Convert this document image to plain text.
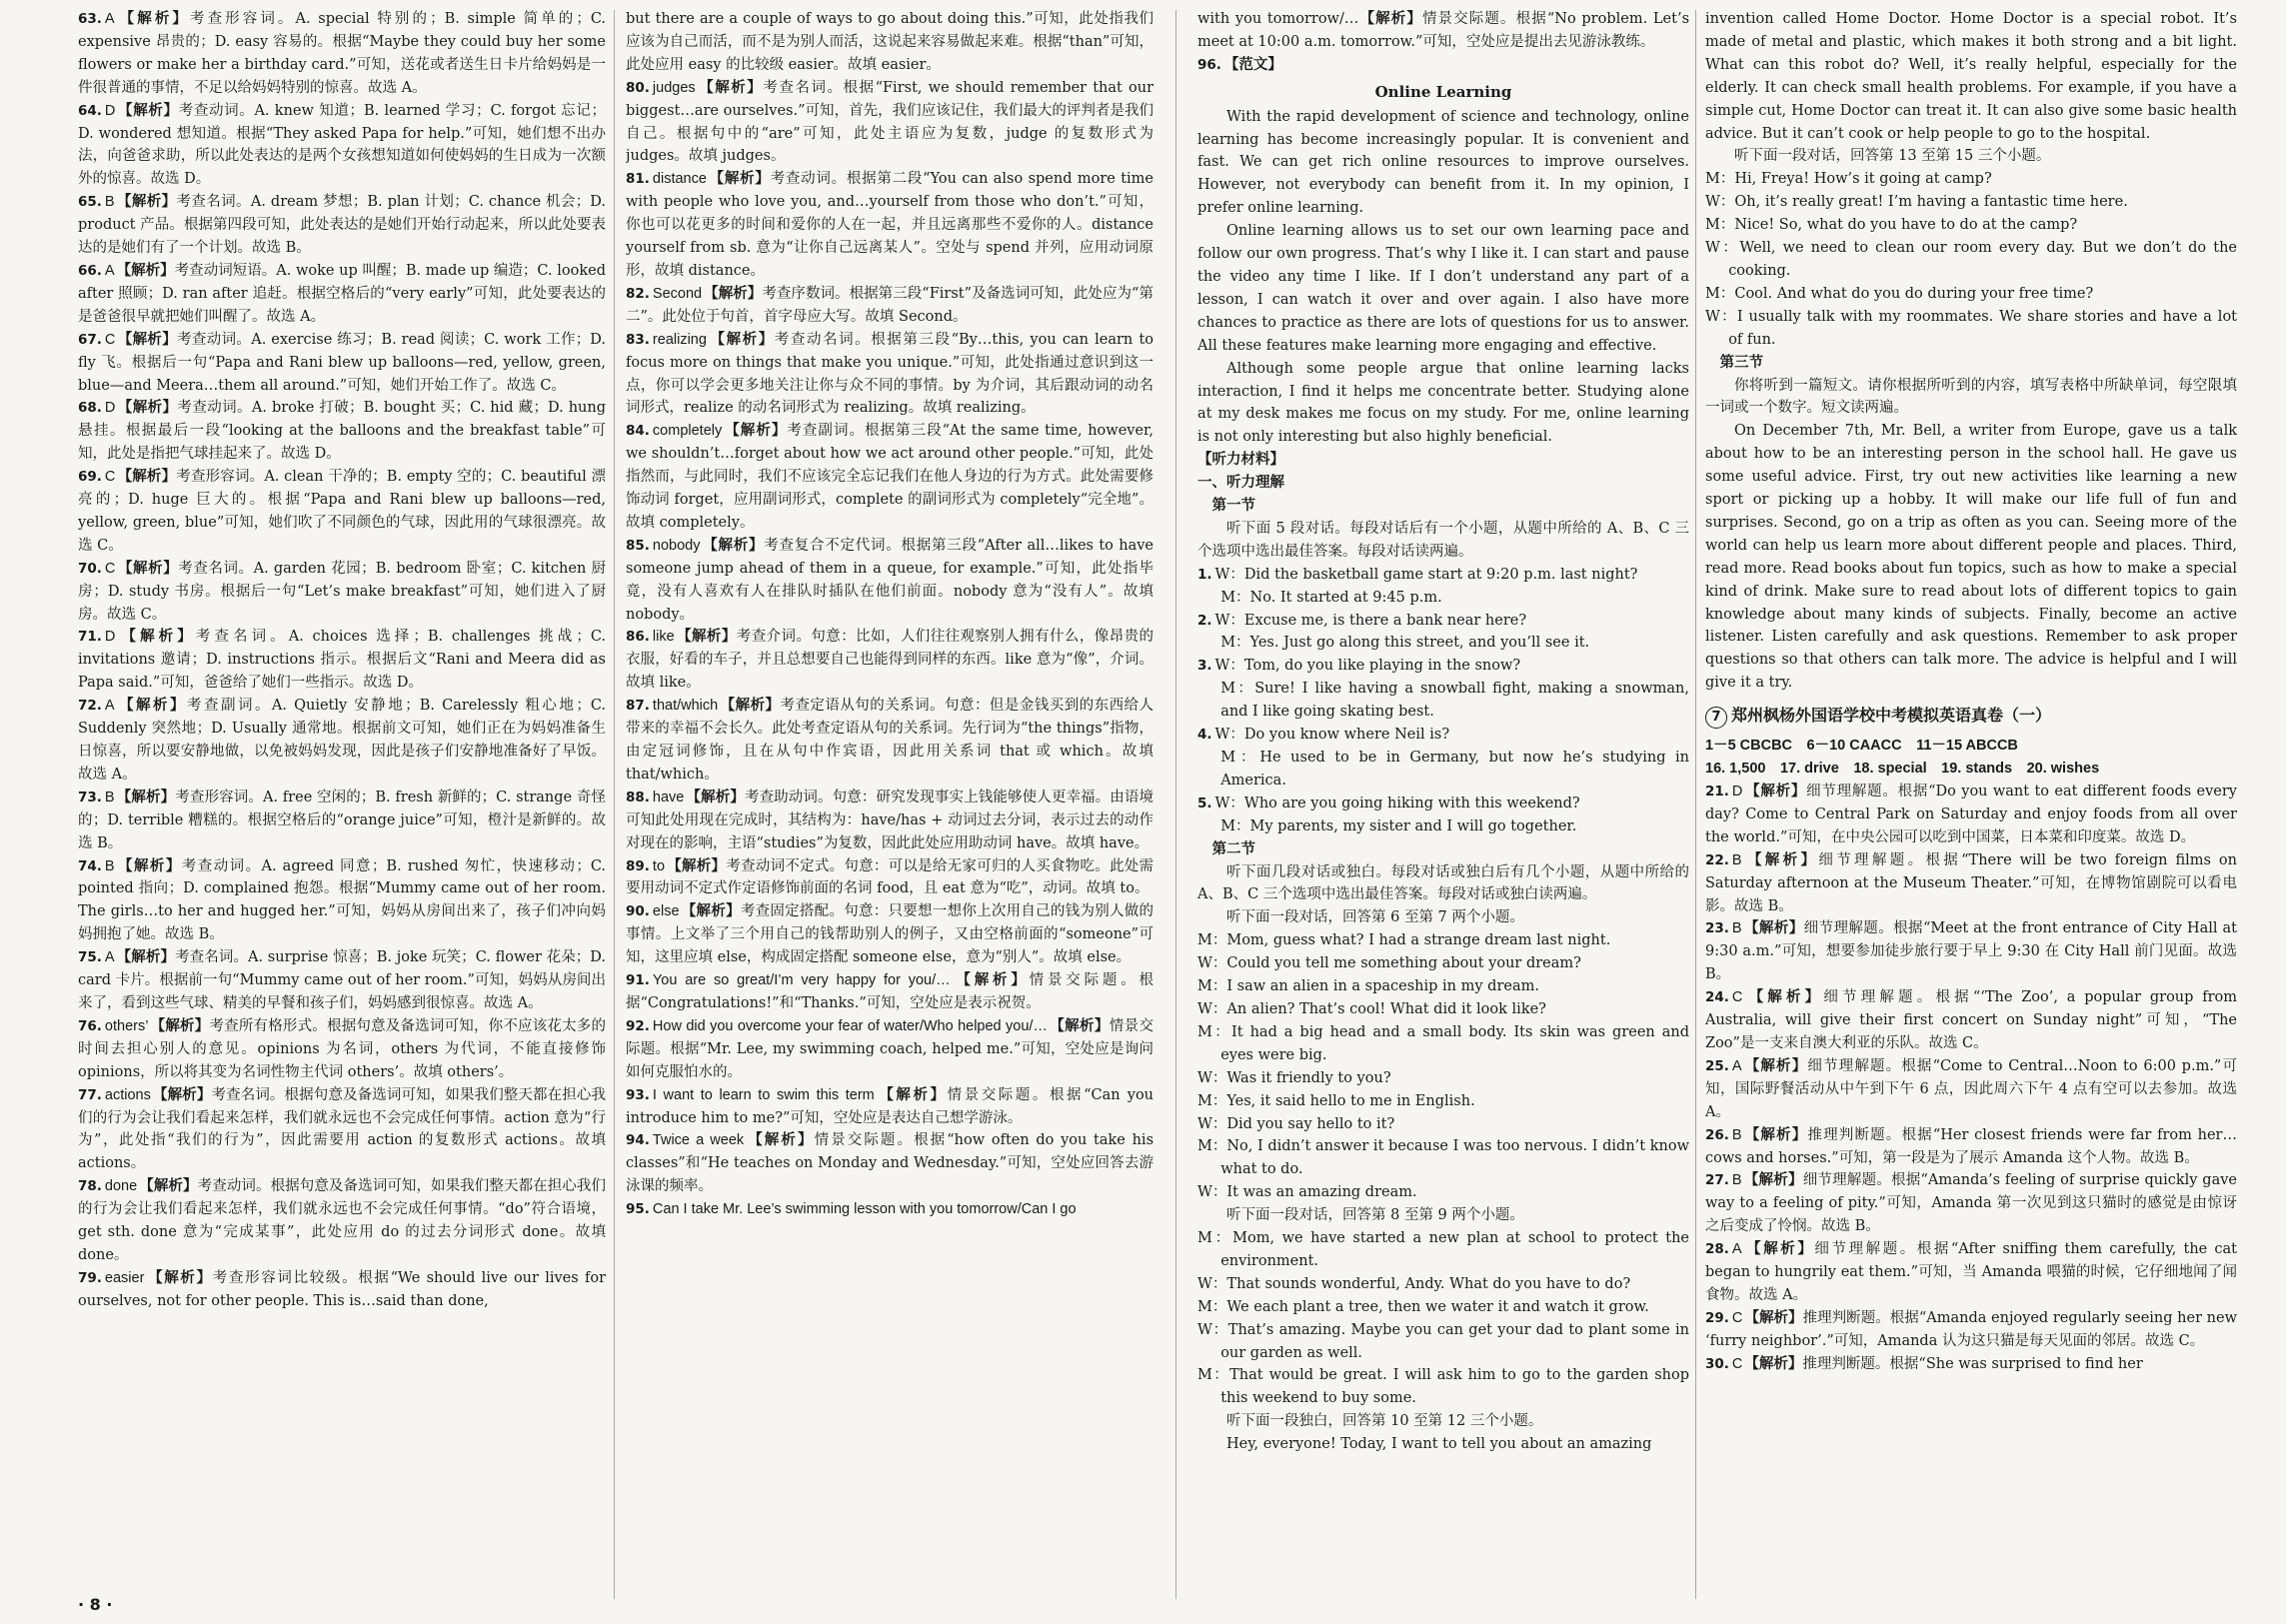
63. A 【解析】考查形容词。A. special 特别的；B. simple 简单的；C. expensive 昂贵的；D. easy 容易的。根据“Maybe they could buy her some flowers or make her a birthday card.”可知，送花或者送生日卡片给妈妈是一件很普通的事情，不足以给妈妈特别的惊喜。故选 A。

64. D 【解析】考查动词。A. knew 知道；B. learned 学习；C. forgot 忘记；D. wondered 想知道。根据“They asked Papa for help.”可知，她们想不出办法，向爸爸求助，所以此处表达的是两个女孩想知道如何使妈妈的生日成为一次额外的惊喜。故选 D。

65. B 【解析】考查名词。A. dream 梦想；B. plan 计划；C. chance 机会；D. product 产品。根据第四段可知，此处表达的是她们开始行动起来，所以此处要表达的是她们有了一个计划。故选 B。

66. A 【解析】考查动词短语。A. woke up 叫醒；B. made up 编造；C. looked after 照顾；D. ran after 追赶。根据空格后的“very early”可知，此处要表达的是爸爸很早就把她们叫醒了。故选 A。

67. C 【解析】考查动词。A. exercise 练习；B. read 阅读；C. work 工作；D. fly 飞。根据后一句“Papa and Rani blew up balloons—red, yellow, green, blue—and Meera…them all around.”可知，她们开始工作了。故选 C。

68. D 【解析】考查动词。A. broke 打破；B. bought 买；C. hid 藏；D. hung 悬挂。根据最后一段“looking at the balloons and the breakfast table”可知，此处是指把气球挂起来了。故选 D。

69. C 【解析】考查形容词。A. clean 干净的；B. empty 空的；C. beautiful 漂亮的；D. huge 巨大的。根据“Papa and Rani blew up balloons—red, yellow, green, blue”可知，她们吹了不同颜色的气球，因此用的气球很漂亮。故选 C。

70. C 【解析】考查名词。A. garden 花园；B. bedroom 卧室；C. kitchen 厨房；D. study 书房。根据后一句“Let’s make breakfast”可知，她们进入了厨房。故选 C。

71. D 【解析】考查名词。A. choices 选择；B. challenges 挑战；C. invitations 邀请；D. instructions 指示。根据后文“Rani and Meera did as Papa said.”可知，爸爸给了她们一些指示。故选 D。

72. A 【解析】考查副词。A. Quietly 安静地；B. Carelessly 粗心地；C. Suddenly 突然地；D. Usually 通常地。根据前文可知，她们正在为妈妈准备生日惊喜，所以要安静地做，以免被妈妈发现，因此是孩子们安静地准备好了早饭。故选 A。

73. B 【解析】考查形容词。A. free 空闲的；B. fresh 新鲜的；C. strange 奇怪的；D. terrible 糟糕的。根据空格后的“orange juice”可知，橙汁是新鲜的。故选 B。

74. B 【解析】考查动词。A. agreed 同意；B. rushed 匆忙，快速移动；C. pointed 指向；D. complained 抱怨。根据“Mummy came out of her room. The girls…to her and hugged her.”可知，妈妈从房间出来了，孩子们冲向妈妈拥抱了她。故选 B。

75. A 【解析】考查名词。A. surprise 惊喜；B. joke 玩笑；C. flower 花朵；D. card 卡片。根据前一句“Mummy came out of her room.”可知，妈妈从房间出来了，看到这些气球、精美的早餐和孩子们，妈妈感到很惊喜。故选 A。

76. others’ 【解析】考查所有格形式。根据句意及备选词可知，你不应该花太多的时间去担心别人的意见。opinions 为名词，others 为代词，不能直接修饰 opinions，所以将其变为名词性物主代词 others’。故填 others’。

77. actions 【解析】考查名词。根据句意及备选词可知，如果我们整天都在担心我们的行为会让我们看起来怎样，我们就永远也不会完成任何事情。action 意为“行为”，此处指“我们的行为”，因此需要用 action 的复数形式 actions。故填 actions。

78. done 【解析】考查动词。根据句意及备选词可知，如果我们整天都在担心我们的行为会让我们看起来怎样，我们就永远也不会完成任何事情。“do”符合语境，get sth. done 意为“完成某事”，此处应用 do 的过去分词形式 done。故填 done。

79. easier 【解析】考查形容词比较级。根据“We should live our lives for ourselves, not for other people. This is…said than done,

but there are a couple of ways to go about doing this.”可知，此处指我们应该为自己而活，而不是为别人而活，这说起来容易做起来难。根据“than”可知，此处应用 easy 的比较级 easier。故填 easier。

80. judges 【解析】考查名词。根据“First, we should remember that our biggest…are ourselves.”可知，首先，我们应该记住，我们最大的评判者是我们自己。根据句中的“are”可知，此处主语应为复数，judge 的复数形式为 judges。故填 judges。

81. distance 【解析】考查动词。根据第二段“You can also spend more time with people who love you, and…yourself from those who don’t.”可知，你也可以花更多的时间和爱你的人在一起，并且远离那些不爱你的人。distance yourself from sb. 意为“让你自己远离某人”。空处与 spend 并列，应用动词原形，故填 distance。

82. Second 【解析】考查序数词。根据第三段“First”及备选词可知，此处应为“第二”。此处位于句首，首字母应大写。故填 Second。

83. realizing 【解析】考查动名词。根据第三段“By…this, you can learn to focus more on things that make you unique.”可知，此处指通过意识到这一点，你可以学会更多地关注让你与众不同的事情。by 为介词，其后跟动词的动名词形式，realize 的动名词形式为 realizing。故填 realizing。

84. completely 【解析】考查副词。根据第三段“At the same time, however, we shouldn’t…forget about how we act around other people.”可知，此处指然而，与此同时，我们不应该完全忘记我们在他人身边的行为方式。此处需要修饰动词 forget，应用副词形式，complete 的副词形式为 completely“完全地”。故填 completely。

85. nobody 【解析】考查复合不定代词。根据第三段“After all…likes to have someone jump ahead of them in a queue, for example.”可知，此处指毕竟，没有人喜欢有人在排队时插队在他们前面。nobody 意为“没有人”。故填 nobody。

86. like 【解析】考查介词。句意：比如，人们往往观察别人拥有什么，像昂贵的衣服，好看的车子，并且总想要自己也能得到同样的东西。like 意为“像”，介词。故填 like。

87. that/which 【解析】考查定语从句的关系词。句意：但是金钱买到的东西给人带来的幸福不会长久。此处考查定语从句的关系词。先行词为“the things”指物，由定冠词修饰，且在从句中作宾语，因此用关系词 that 或 which。故填 that/which。

88. have 【解析】考查助动词。句意：研究发现事实上钱能够使人更幸福。由语境可知此处用现在完成时，其结构为：have/has + 动词过去分词，表示过去的动作对现在的影响，主语“studies”为复数，因此此处应用助动词 have。故填 have。

89. to 【解析】考查动词不定式。句意：可以是给无家可归的人买食物吃。此处需要用动词不定式作定语修饰前面的名词 food，且 eat 意为“吃”，动词。故填 to。

90. else 【解析】考查固定搭配。句意：只要想一想你上次用自己的钱为别人做的事情。上文举了三个用自己的钱帮助别人的例子，又由空格前面的“someone”可知，这里应填 else，构成固定搭配 someone else，意为“别人”。故填 else。

91. You are so great/I’m very happy for you/… 【解析】情景交际题。根据“Congratulations!”和“Thanks.”可知，空处应是表示祝贺。

92. How did you overcome your fear of water/Who helped you/… 【解析】情景交际题。根据“Mr. Lee, my swimming coach, helped me.”可知，空处应是询问如何克服怕水的。

93. I want to learn to swim this term 【解析】情景交际题。根据“Can you introduce him to me?”可知，空处应是表达自己想学游泳。

94. Twice a week 【解析】情景交际题。根据“how often do you take his classes”和“He teaches on Monday and Wednesday.”可知，空处应回答去游泳课的频率。

95. Can I take Mr. Lee’s swimming lesson with you tomorrow/Can I go

with you tomorrow/…【解析】情景交际题。根据“No problem. Let’s meet at 10:00 a.m. tomorrow.”可知，空处应是提出去见游泳教练。

96. 【范文】

Online Learning

With the rapid development of science and technology, online learning has become increasingly popular. It is convenient and fast. We can get rich online resources to improve ourselves. However, not everybody can benefit from it. In my opinion, I prefer online learning.

Online learning allows us to set our own learning pace and follow our own progress. That’s why I like it. I can start and pause the video any time I like. If I don’t understand any part of a lesson, I can watch it over and over again. I also have more chances to practice as there are lots of questions for us to answer. All these features make learning more engaging and effective.

Although some people argue that online learning lacks interaction, I find it helps me concentrate better. Studying alone at my desk makes me focus on my study. For me, online learning is not only interesting but also highly beneficial.

【听力材料】

一、听力理解

第一节

听下面 5 段对话。每段对话后有一个小题，从题中所给的 A、B、C 三个选项中选出最佳答案。每段对话读两遍。

1. W：Did the basketball game start at 9:20 p.m. last night?

M：No. It started at 9:45 p.m.

2. W：Excuse me, is there a bank near here?

M：Yes. Just go along this street, and you’ll see it.

3. W：Tom, do you like playing in the snow?

M：Sure! I like having a snowball fight, making a snowman, and I like going skating best.

4. W：Do you know where Neil is?

M：He used to be in Germany, but now he’s studying in America.

5. W：Who are you going hiking with this weekend?

M：My parents, my sister and I will go together.

第二节

听下面几段对话或独白。每段对话或独白后有几个小题，从题中所给的 A、B、C 三个选项中选出最佳答案。每段对话或独白读两遍。

听下面一段对话，回答第 6 至第 7 两个小题。

M：Mom, guess what? I had a strange dream last night.

W：Could you tell me something about your dream?

M：I saw an alien in a spaceship in my dream.

W：An alien? That’s cool! What did it look like?

M：It had a big head and a small body. Its skin was green and eyes were big.

W：Was it friendly to you?

M：Yes, it said hello to me in English.

W：Did you say hello to it?

M：No, I didn’t answer it because I was too nervous. I didn’t know what to do.

W：It was an amazing dream.

听下面一段对话，回答第 8 至第 9 两个小题。

M：Mom, we have started a new plan at school to protect the environment.

W：That sounds wonderful, Andy. What do you have to do?

M：We each plant a tree, then we water it and watch it grow.

W：That’s amazing. Maybe you can get your dad to plant some in our garden as well.

M：That would be great. I will ask him to go to the garden shop this weekend to buy some.

听下面一段独白，回答第 10 至第 12 三个小题。

Hey, everyone! Today, I want to tell you about an amazing

invention called Home Doctor. Home Doctor is a special robot. It’s made of metal and plastic, which makes it both strong and a bit light. What can this robot do? Well, it’s really helpful, especially for the elderly. It can check small health problems. For example, if you have a simple cut, Home Doctor can treat it. It can also give some basic health advice. But it can’t cook or help people to go to the hospital.

听下面一段对话，回答第 13 至第 15 三个小题。

M：Hi, Freya! How’s it going at camp?

W：Oh, it’s really great! I’m having a fantastic time here.

M：Nice! So, what do you have to do at the camp?

W：Well, we need to clean our room every day. But we don’t do the cooking.

M：Cool. And what do you do during your free time?

W：I usually talk with my roommates. We share stories and have a lot of fun.

第三节

你将听到一篇短文。请你根据所听到的内容，填写表格中所缺单词，每空限填一词或一个数字。短文读两遍。

On December 7th, Mr. Bell, a writer from Europe, gave us a talk about how to be an interesting person in the school hall. He gave us some useful advice. First, try out new activities like learning a new sport or picking up a hobby. It will make our life full of fun and surprises. Second, go on a trip as often as you can. Seeing more of the world can help us learn more about different people and places. Third, read more. Read books about fun topics, such as how to make a special kind of drink. Make sure to read about lots of different topics to gain knowledge about many kinds of subjects. Finally, become an active listener. Listen carefully and ask questions. Remember to ask proper questions so that others can talk more. The advice is helpful and I will give it a try.

7 郑州枫杨外国语学校中考模拟英语真卷（一）

1－5 CBCBC　6－10 CAACC　11－15 ABCCB

16. 1,500　17. drive　18. special　19. stands　20. wishes

21. D 【解析】细节理解题。根据“Do you want to eat different foods every day? Come to Central Park on Saturday and enjoy foods from all over the world.”可知，在中央公园可以吃到中国菜，日本菜和印度菜。故选 D。

22. B 【解析】细节理解题。根据“There will be two foreign films on Saturday afternoon at the Museum Theater.”可知，在博物馆剧院可以看电影。故选 B。

23. B 【解析】细节理解题。根据“Meet at the front entrance of City Hall at 9:30 a.m.”可知，想要参加徒步旅行要于早上 9:30 在 City Hall 前门见面。故选 B。

24. C 【解析】细节理解题。根据“‘The Zoo’, a popular group from Australia, will give their first concert on Sunday night”可知，“The Zoo”是一支来自澳大利亚的乐队。故选 C。

25. A 【解析】细节理解题。根据“Come to Central…Noon to 6:00 p.m.”可知，国际野餐活动从中午到下午 6 点，因此周六下午 4 点有空可以去参加。故选 A。

26. B 【解析】推理判断题。根据“Her closest friends were far from her…cows and horses.”可知，第一段是为了展示 Amanda 这个人物。故选 B。

27. B 【解析】细节理解题。根据“Amanda’s feeling of surprise quickly gave way to a feeling of pity.”可知，Amanda 第一次见到这只猫时的感觉是由惊讶之后变成了怜悯。故选 B。

28. A 【解析】细节理解题。根据“After sniffing them carefully, the cat began to hungrily eat them.”可知，当 Amanda 喂猫的时候，它仔细地闻了闻食物。故选 A。

29. C 【解析】推理判断题。根据“Amanda enjoyed regularly seeing her new ‘furry neighbor’.”可知，Amanda 认为这只猫是每天见面的邻居。故选 C。

30. C 【解析】推理判断题。根据“She was surprised to find her

· 8 ·
